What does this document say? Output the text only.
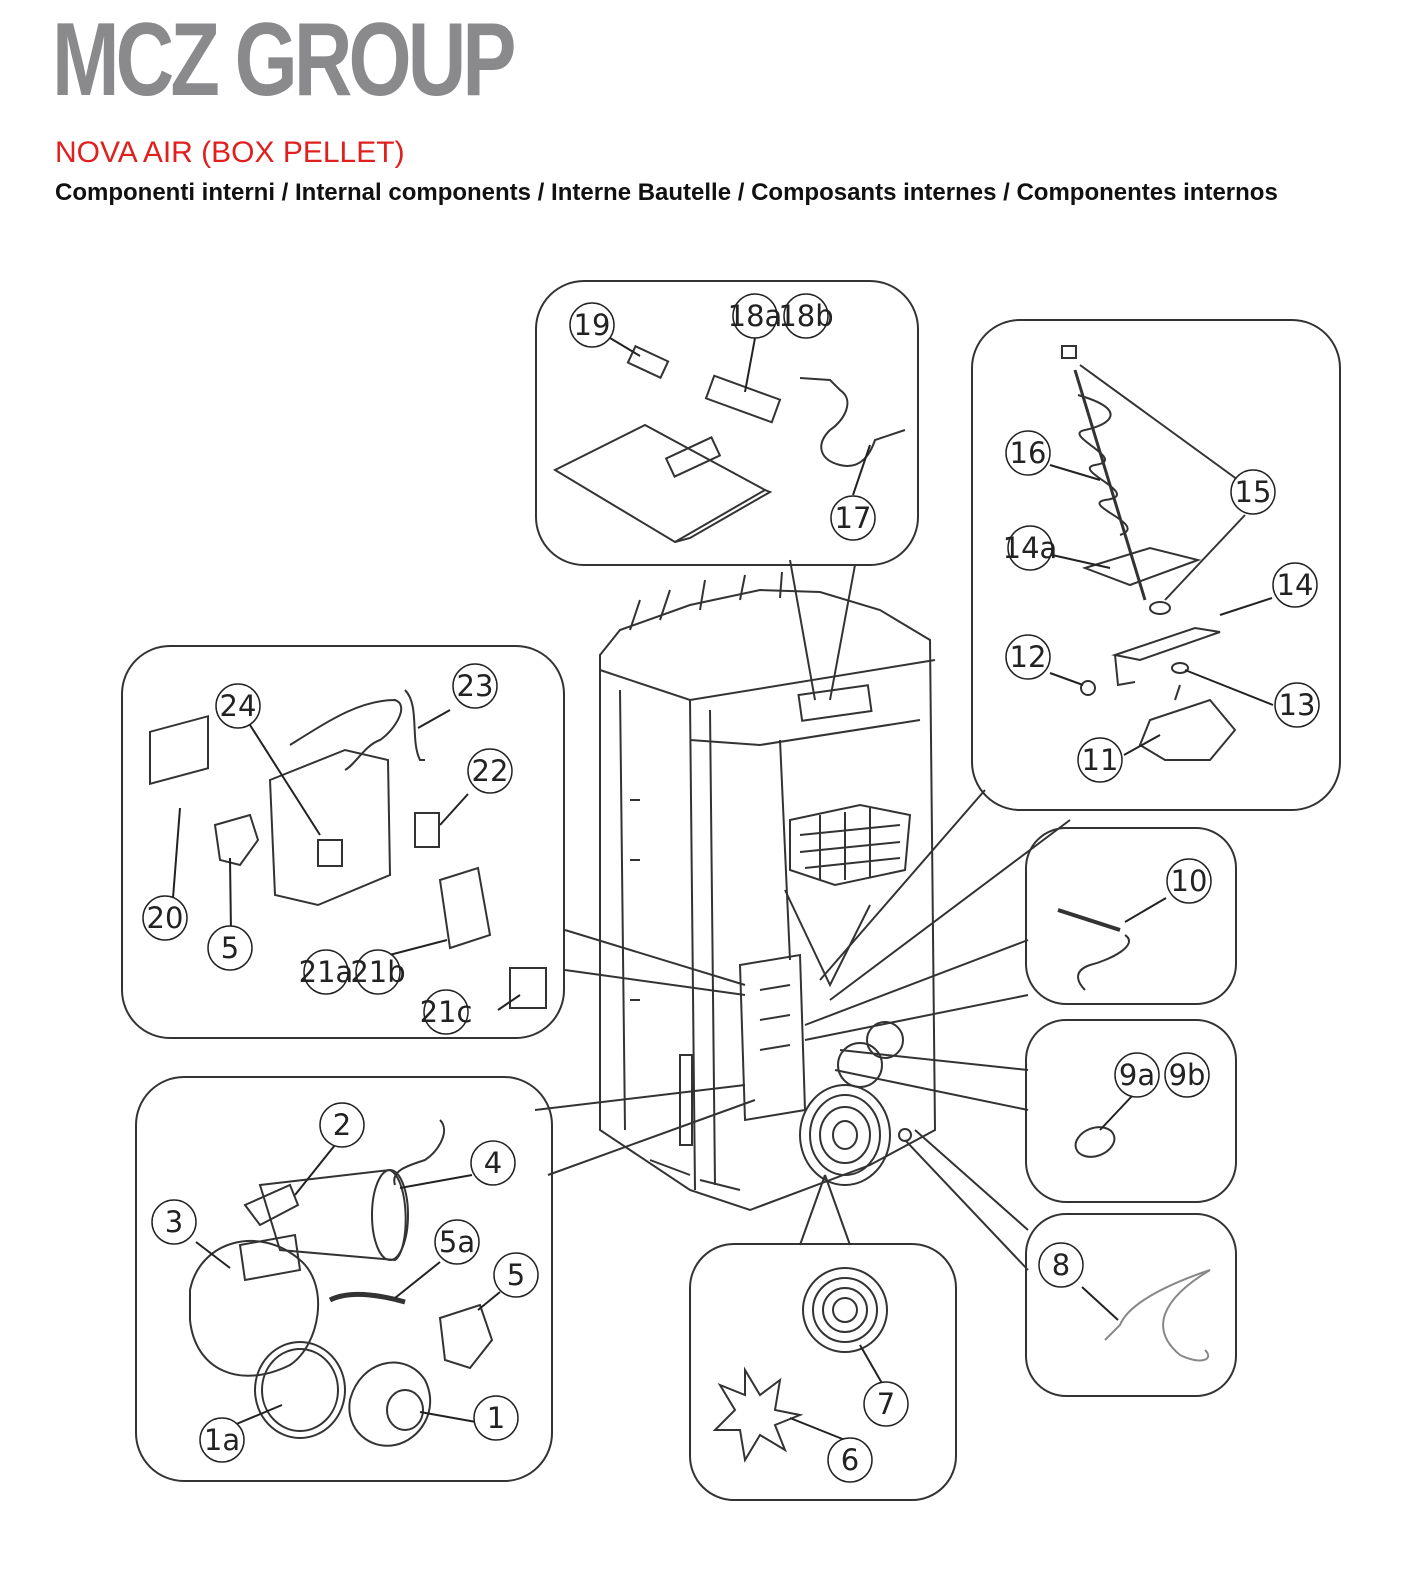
MCZ GROUP
NOVA AIR (BOX PELLET)
Componenti interni / Internal components / Interne Bautelle / Composants internes / Componentes internos
19	18a
18b
17
16
15
14a
14
12
13
11
24
23
22
20
5
21a
21b
21c
10
9a 9b
8
2
4
3
5a
5
1a
1	7
6
